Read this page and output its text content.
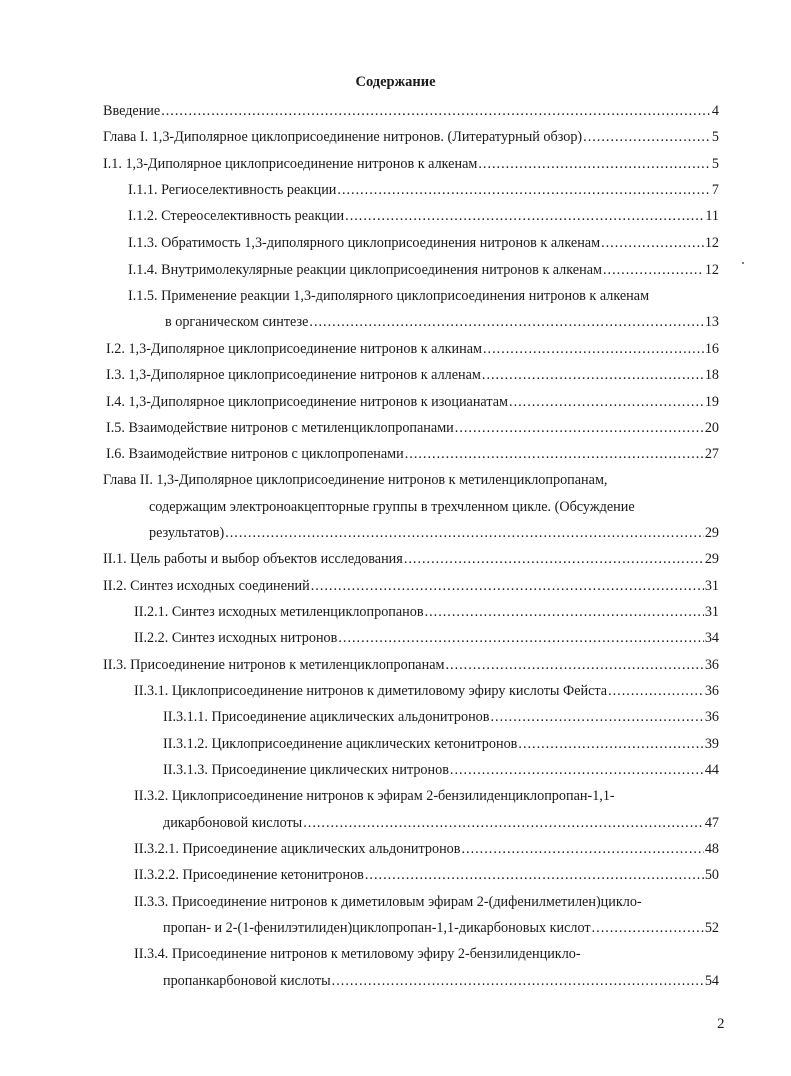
Содержание
Введение .....	4
Глава I. 1,3-Диполярное циклоприсоединение нитронов. (Литературный обзор) .....	5
I.1. 1,3-Диполярное циклоприсоединение нитронов к алкенам .....	5
I.1.1. Региоселективность реакции .....	7
I.1.2. Стереоселективность реакции .....	11
I.1.3. Обратимость 1,3-диполярного циклоприсоединения нитронов к алкенам .....	12
I.1.4. Внутримолекулярные реакции циклоприсоединения нитронов к алкенам .....	12
I.1.5. Применение реакции 1,3-диполярного циклоприсоединения нитронов к алкенам
в органическом синтезе .....	13
I.2. 1,3-Диполярное циклоприсоединение нитронов к алкинам .....	16
I.3. 1,3-Диполярное циклоприсоединение нитронов к алленам .....	18
I.4. 1,3-Диполярное циклоприсоединение нитронов к изоцианатам .....	19
I.5. Взаимодействие нитронов с метиленциклопропанами .....	20
I.6. Взаимодействие нитронов с циклопропенами .....	27
Глава II. 1,3-Диполярное циклоприсоединение нитронов к метиленциклопропанам,
содержащим электроноакцепторные группы в трехчленном цикле. (Обсуждение
результатов) .....	29
II.1. Цель работы и выбор объектов исследования .....	29
II.2. Синтез исходных соединений .....	31
II.2.1. Синтез исходных метиленциклопропанов .....	31
II.2.2. Синтез исходных нитронов .....	34
II.3. Присоединение нитронов к метиленциклопропанам .....	36
II.3.1. Циклоприсоединение нитронов к диметиловому эфиру кислоты Фейста .....	36
II.3.1.1. Присоединение ациклических альдонитронов .....	36
II.3.1.2. Циклоприсоединение ациклических кетонитронов .....	39
II.3.1.3. Присоединение циклических нитронов .....	44
II.3.2. Циклоприсоединение нитронов к эфирам 2-бензилиденциклопропан-1,1-
дикарбоновой кислоты .....	47
II.3.2.1. Присоединение ациклических альдонитронов .....	48
II.3.2.2. Присоединение кетонитронов .....	50
II.3.3. Присоединение нитронов к диметиловым эфирам 2-(дифенилметилен)цикло-
пропан- и 2-(1-фенилэтилиден)циклопропан-1,1-дикарбоновых кислот .....	52
II.3.4. Присоединение нитронов к метиловому эфиру 2-бензилиденцикло-
пропанкарбоновой кислоты .....	54
2
